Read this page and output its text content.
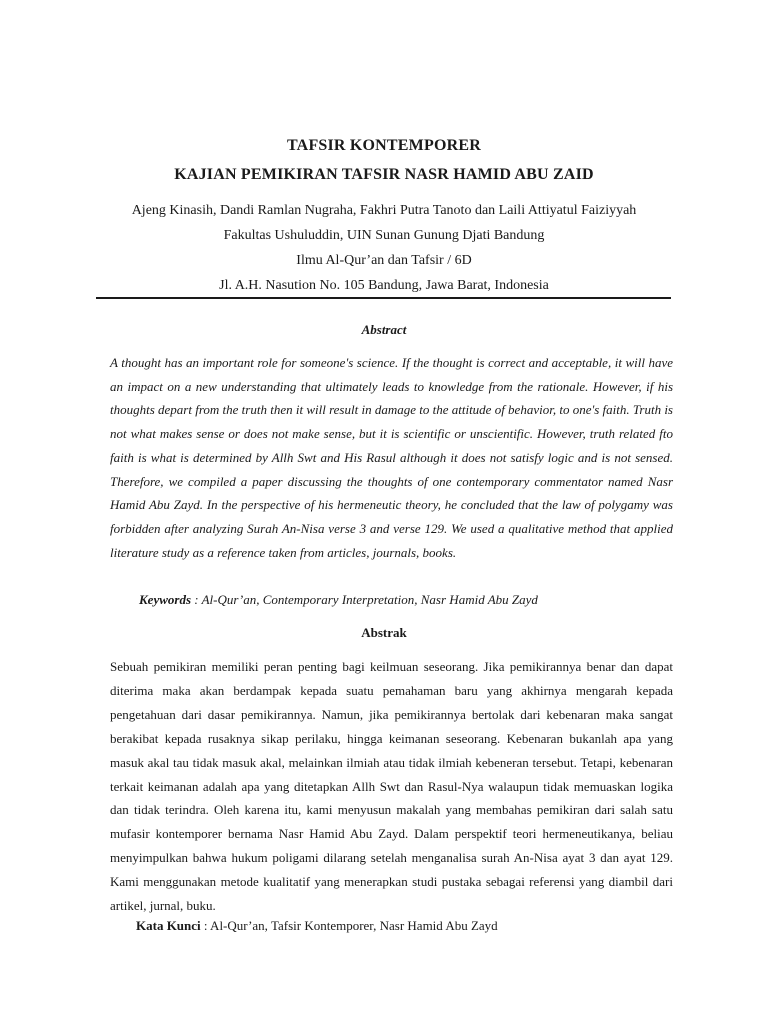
TAFSIR KONTEMPORER
KAJIAN PEMIKIRAN TAFSIR NASR HAMID ABU ZAID
Ajeng Kinasih, Dandi Ramlan Nugraha, Fakhri Putra Tanoto dan Laili Attiyatul Faiziyyah
Fakultas Ushuluddin, UIN Sunan Gunung Djati Bandung
Ilmu Al-Qur’an dan Tafsir / 6D
Jl. A.H. Nasution No. 105 Bandung, Jawa Barat, Indonesia
Abstract
A thought has an important role for someone's science. If the thought is correct and acceptable, it will have an impact on a new understanding that ultimately leads to knowledge from the rationale. However, if his thoughts depart from the truth then it will result in damage to the attitude of behavior, to one's faith. Truth is not what makes sense or does not make sense, but it is scientific or unscientific. However, truth related fto faith is what is determined by Allh Swt and His Rasul although it does not satisfy logic and is not sensed. Therefore, we compiled a paper discussing the thoughts of one contemporary commentator named Nasr Hamid Abu Zayd. In the perspective of his hermeneutic theory, he concluded that the law of polygamy was forbidden after analyzing Surah An-Nisa verse 3 and verse 129. We used a qualitative method that applied literature study as a reference taken from articles, journals, books.
Keywords : Al-Qur’an, Contemporary Interpretation, Nasr Hamid Abu Zayd
Abstrak
Sebuah pemikiran memiliki peran penting bagi keilmuan seseorang. Jika pemikirannya benar dan dapat diterima maka akan berdampak kepada suatu pemahaman baru yang akhirnya mengarah kepada pengetahuan dari dasar pemikirannya. Namun, jika pemikirannya bertolak dari kebenaran maka sangat berakibat kepada rusaknya sikap perilaku, hingga keimanan seseorang. Kebenaran bukanlah apa yang masuk akal tau tidak masuk akal, melainkan ilmiah atau tidak ilmiah kebeneran tersebut. Tetapi, kebenaran terkait keimanan adalah apa yang ditetapkan Allh Swt dan Rasul-Nya walaupun tidak memuaskan logika dan tidak terindra. Oleh karena itu, kami menyusun makalah yang membahas pemikiran dari salah satu mufasir kontemporer bernama Nasr Hamid Abu Zayd. Dalam perspektif teori hermeneutikanya, beliau menyimpulkan bahwa hukum poligami dilarang setelah menganalisa surah An-Nisa ayat 3 dan ayat 129. Kami menggunakan metode kualitatif yang menerapkan studi pustaka sebagai referensi yang diambil dari artikel, jurnal, buku.
Kata Kunci : Al-Qur’an, Tafsir Kontemporer, Nasr Hamid Abu Zayd
